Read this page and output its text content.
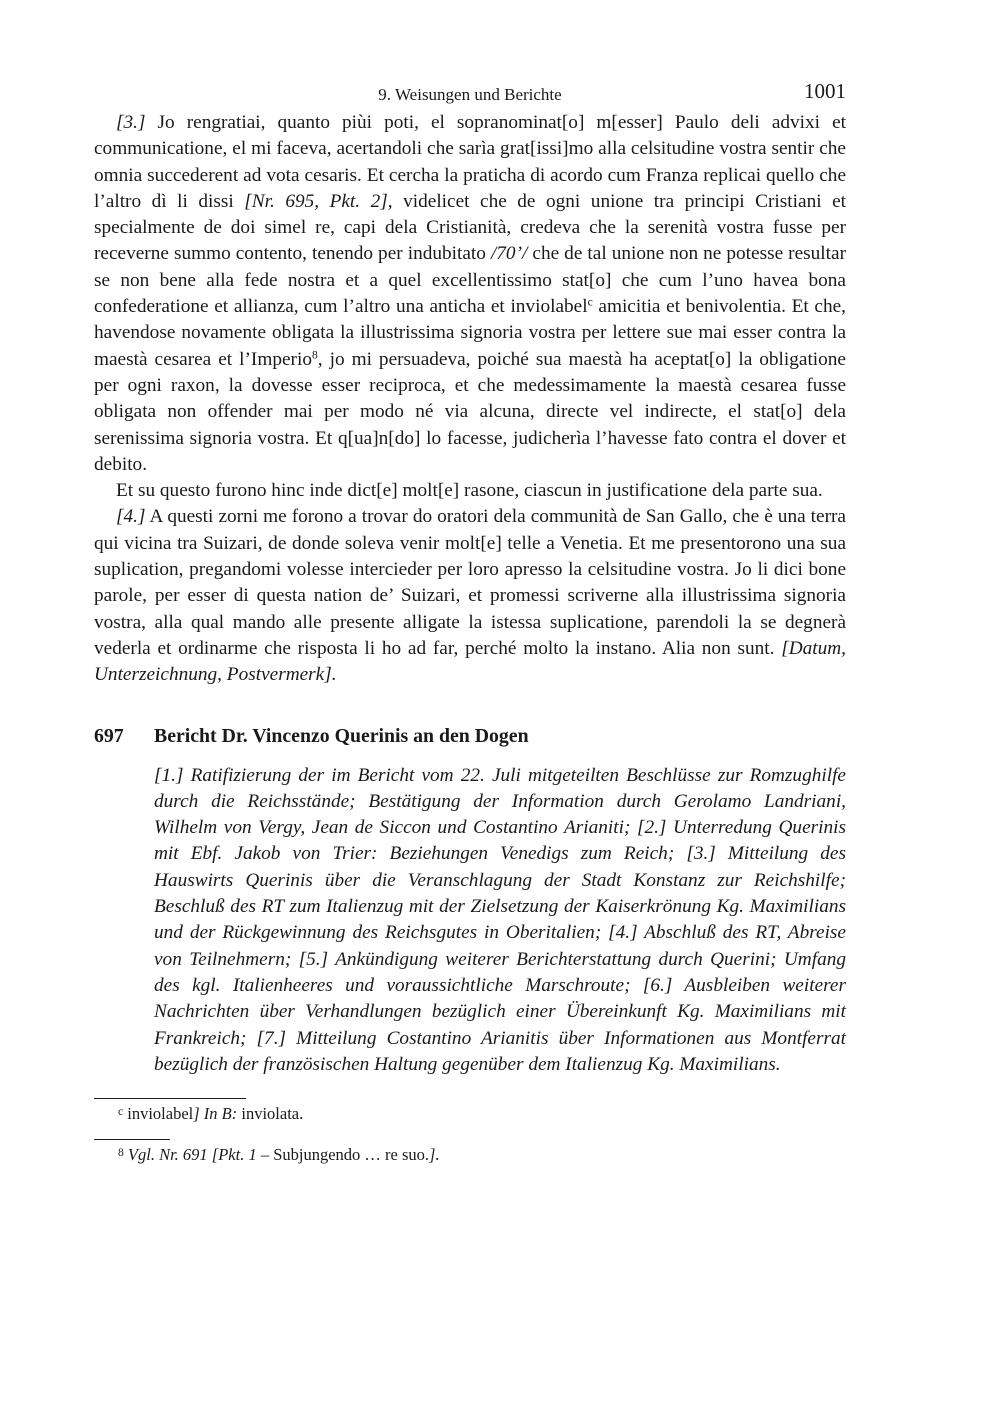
9. Weisungen und Berichte	1001

[3.] Jo rengratiai, quanto piùi poti, el sopranominat[o] m[esser] Paulo deli advixi et communicatione, el mi faceva, acertandoli che sarìa grat[issi]mo alla celsitudine vostra sentir che omnia succederent ad vota cesaris. Et cercha la praticha di acordo cum Franza replicai quello che l’altro dì li dissi [Nr. 695, Pkt. 2], videlicet che de ogni unione tra principi Cristiani et specialmente de doi simel re, capi dela Cristianità, credeva che la serenità vostra fusse per receverne summo contento, tenendo per indubitato /70’/ che de tal unione non ne potesse resultar se non bene alla fede nostra et a quel excellentissimo stat[o] che cum l’uno havea bona confederatione et allianza, cum l’altro una anticha et inviolabel$^c$ amicitia et benivolentia. Et che, havendose novamente obligata la illustrissima signoria vostra per lettere sue mai esser contra la maestà cesarea et l’Imperio$^8$, jo mi persuadeva, poiché sua maestà ha aceptat[o] la obligatione per ogni raxon, la dovesse esser reciproca, et che medessimamente la maestà cesarea fusse obligata non offender mai per modo né via alcuna, directe vel indirecte, el stat[o] dela serenissima signoria vostra. Et q[ua]n[do] lo facesse, judicherìa l’havesse fato contra el dover et debito.

Et su questo furono hinc inde dict[e] molt[e] rasone, ciascun in justificatione dela parte sua.

[4.] A questi zorni me forono a trovar do oratori dela communità de San Gallo, che è una terra qui vicina tra Suizari, de donde soleva venir molt[e] telle a Venetia. Et me presentorono una sua suplication, pregandomi volesse intercieder per loro apresso la celsitudine vostra. Jo li dici bone parole, per esser di questa nation de’ Suizari, et promessi scriverne alla illustrissima signoria vostra, alla qual mando alle presente alligate la istessa suplicatione, parendoli la se degnerà vederla et ordinarme che risposta li ho ad far, perché molto la instano. Alia non sunt. [Datum, Unterzeichnung, Postvermerk].

697	Bericht Dr. Vincenzo Querinis an den Dogen

[1.] Ratifizierung der im Bericht vom 22. Juli mitgeteilten Beschlüsse zur Romzughilfe durch die Reichsstände; Bestätigung der Information durch Gerolamo Landriani, Wilhelm von Vergy, Jean de Siccon und Costantino Arianiti; [2.] Unterredung Querinis mit Ebf. Jakob von Trier: Beziehungen Venedigs zum Reich; [3.] Mitteilung des Hauswirts Querinis über die Veranschlagung der Stadt Konstanz zur Reichshilfe; Beschluß des RT zum Italienzug mit der Zielsetzung der Kaiserkrönung Kg. Maximilians und der Rückgewinnung des Reichsgutes in Oberitalien; [4.] Abschluß des RT, Abreise von Teilnehmern; [5.] Ankündigung weiterer Berichterstattung durch Querini; Umfang des kgl. Italienheeres und voraussichtliche Marschroute; [6.] Ausbleiben weiterer Nachrichten über Verhandlungen bezüglich einer Übereinkunft Kg. Maximilians mit Frankreich; [7.] Mitteilung Costantino Arianitis über Informationen aus Montferrat bezüglich der französischen Haltung gegenüber dem Italienzug Kg. Maximilians.

$^c$ inviolabel] In B: inviolata.

$^8$ Vgl. Nr. 691 [Pkt. 1 – Subjungendo … re suo.].
